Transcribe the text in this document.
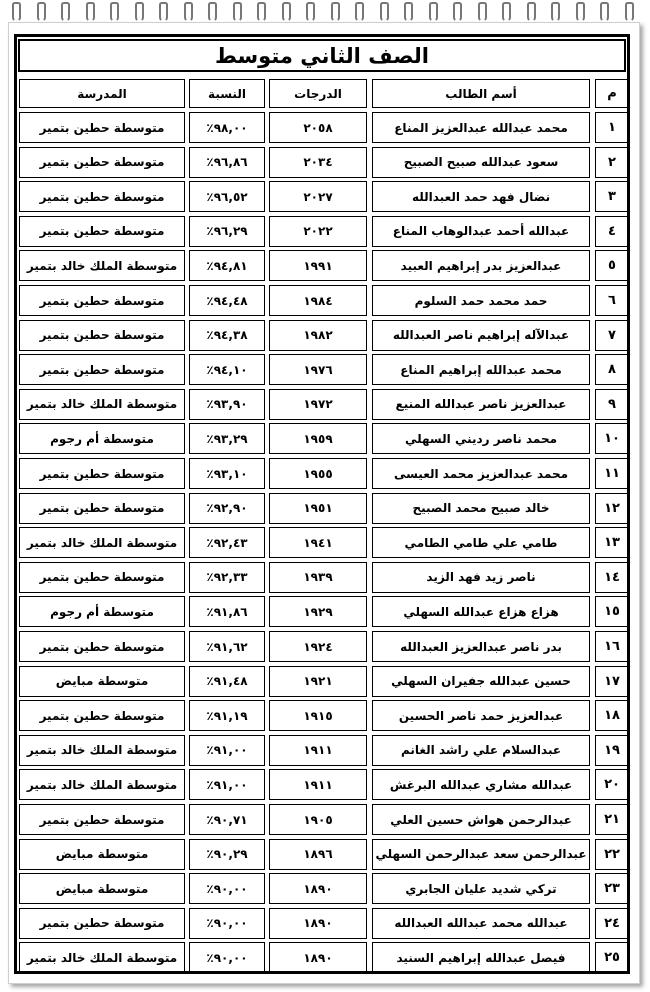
الصف الثاني متوسط
م
أسم الطالب
الدرجات
النسبة
المدرسة
١
محمد عبدالله عبدالعزيز المناع
٢٠٥٨
٩٨,٠٠٪
متوسطة حطين بتمير
٢
سعود عبدالله صبيح الصبيح
٢٠٣٤
٩٦,٨٦٪
متوسطة حطين بتمير
٣
نضال فهد حمد العبدالله
٢٠٢٧
٩٦,٥٢٪
متوسطة حطين بتمير
٤
عبدالله أحمد عبدالوهاب المناع
٢٠٢٢
٩٦,٢٩٪
متوسطة حطين بتمير
٥
عبدالعزيز بدر إبراهيم العبيد
١٩٩١
٩٤,٨١٪
متوسطة الملك خالد بتمير
٦
حمد محمد حمد السلوم
١٩٨٤
٩٤,٤٨٪
متوسطة حطين بتمير
٧
عبدالآله إبراهيم ناصر العبدالله
١٩٨٢
٩٤,٣٨٪
متوسطة حطين بتمير
٨
محمد عبدالله إبراهيم المناع
١٩٧٦
٩٤,١٠٪
متوسطة حطين بتمير
٩
عبدالعزيز ناصر عبدالله المنيع
١٩٧٢
٩٣,٩٠٪
متوسطة الملك خالد بتمير
١٠
محمد ناصر رديني السهلي
١٩٥٩
٩٣,٢٩٪
متوسطة أم رجوم
١١
محمد عبدالعزيز محمد العيسى
١٩٥٥
٩٣,١٠٪
متوسطة حطين بتمير
١٢
خالد صبيح محمد الصبيح
١٩٥١
٩٢,٩٠٪
متوسطة حطين بتمير
١٣
طامي علي طامي الطامي
١٩٤١
٩٢,٤٣٪
متوسطة الملك خالد بتمير
١٤
ناصر زيد فهد الزيد
١٩٣٩
٩٢,٣٣٪
متوسطة حطين بتمير
١٥
هزاع هزاع عبدالله السهلي
١٩٢٩
٩١,٨٦٪
متوسطة أم رجوم
١٦
بدر ناصر عبدالعزيز العبدالله
١٩٢٤
٩١,٦٢٪
متوسطة حطين بتمير
١٧
حسين عبدالله جفيران السهلي
١٩٢١
٩١,٤٨٪
متوسطة مبايض
١٨
عبدالعزيز حمد ناصر الحسين
١٩١٥
٩١,١٩٪
متوسطة حطين بتمير
١٩
عبدالسلام علي راشد الغانم
١٩١١
٩١,٠٠٪
متوسطة الملك خالد بتمير
٢٠
عبدالله مشاري عبدالله البرغش
١٩١١
٩١,٠٠٪
متوسطة الملك خالد بتمير
٢١
عبدالرحمن هواش حسين العلي
١٩٠٥
٩٠,٧١٪
متوسطة حطين بتمير
٢٢
عبدالرحمن سعد عبدالرحمن السهلي
١٨٩٦
٩٠,٢٩٪
متوسطة مبايض
٢٣
تركي شديد عليان الجابري
١٨٩٠
٩٠,٠٠٪
متوسطة مبايض
٢٤
عبدالله محمد عبدالله العبدالله
١٨٩٠
٩٠,٠٠٪
متوسطة حطين بتمير
٢٥
فيصل عبدالله إبراهيم السنيد
١٨٩٠
٩٠,٠٠٪
متوسطة الملك خالد بتمير
